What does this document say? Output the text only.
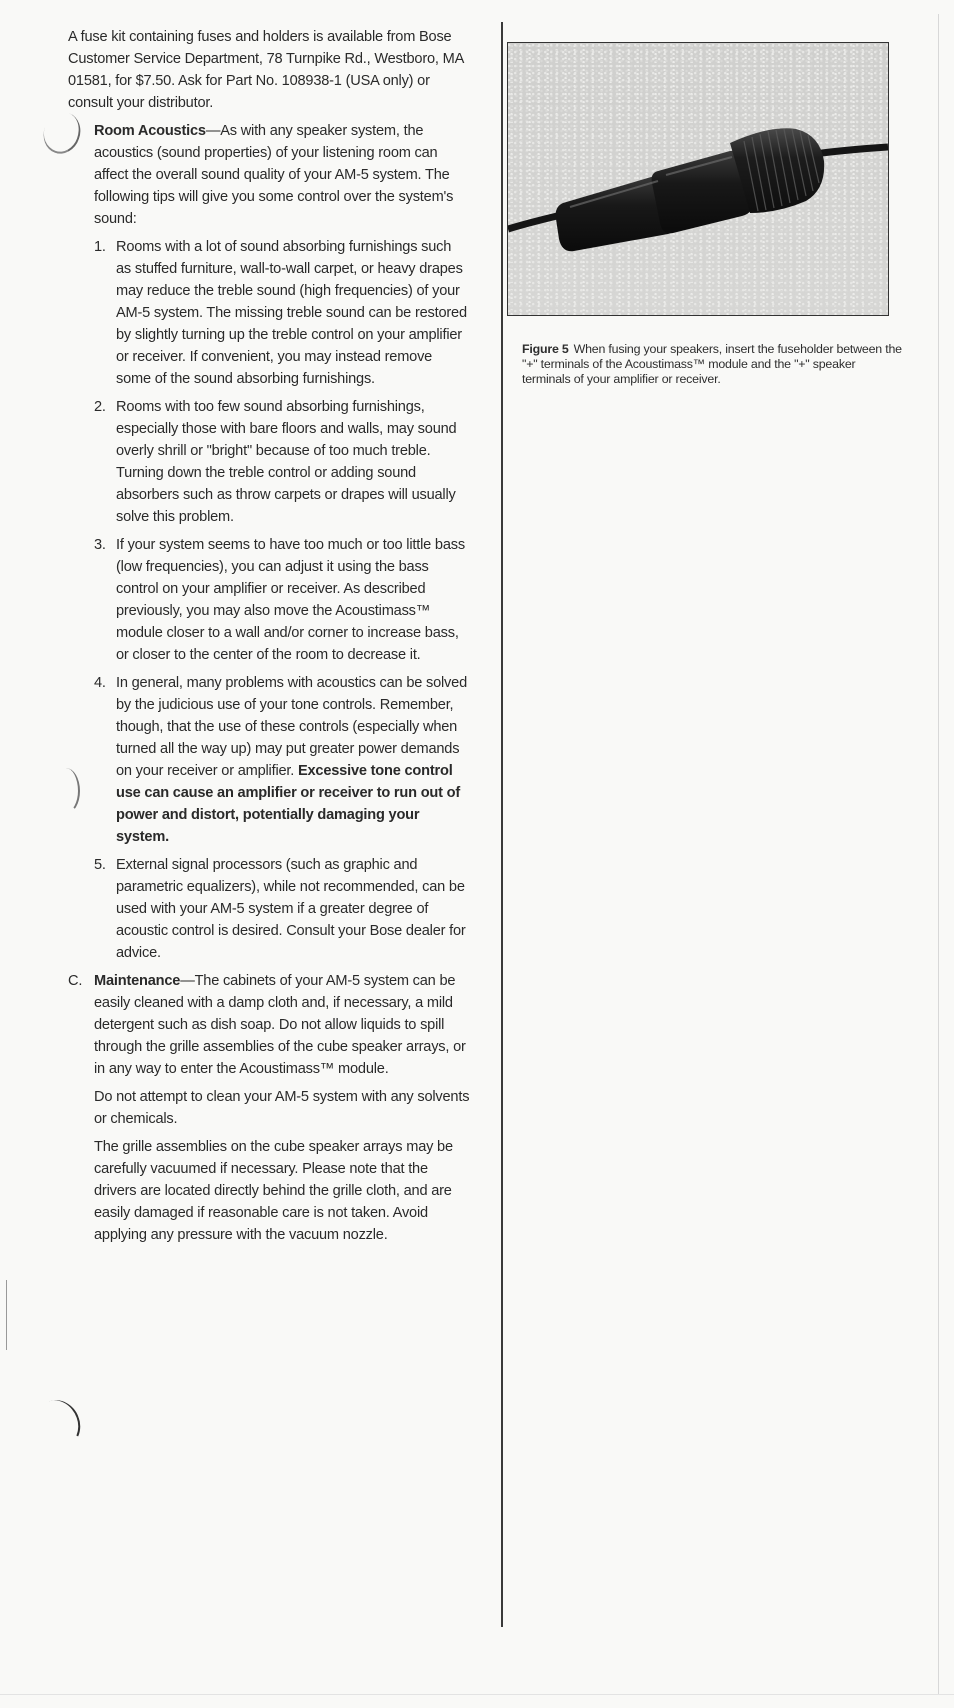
A fuse kit containing fuses and holders is available from Bose Customer Service Department, 78 Turnpike Rd., Westboro, MA 01581, for $7.50. Ask for Part No. 108938-1 (USA only) or consult your distributor.

Room Acoustics—As with any speaker system, the acoustics (sound properties) of your listening room can affect the overall sound quality of your AM-5 system. The following tips will give you some control over the system's sound:

1. Rooms with a lot of sound absorbing furnishings such as stuffed furniture, wall-to-wall carpet, or heavy drapes may reduce the treble sound (high frequencies) of your AM-5 system. The missing treble sound can be restored by slightly turning up the treble control on your amplifier or receiver. If convenient, you may instead remove some of the sound absorbing furnishings.
2. Rooms with too few sound absorbing furnishings, especially those with bare floors and walls, may sound overly shrill or "bright" because of too much treble. Turning down the treble control or adding sound absorbers such as throw carpets or drapes will usually solve this problem.
3. If your system seems to have too much or too little bass (low frequencies), you can adjust it using the bass control on your amplifier or receiver. As described previously, you may also move the Acoustimass™ module closer to a wall and/or corner to increase bass, or closer to the center of the room to decrease it.
4. In general, many problems with acoustics can be solved by the judicious use of your tone controls. Remember, though, that the use of these controls (especially when turned all the way up) may put greater power demands on your receiver or amplifier. Excessive tone control use can cause an amplifier or receiver to run out of power and distort, potentially damaging your system.
5. External signal processors (such as graphic and parametric equalizers), while not recommended, can be used with your AM-5 system if a greater degree of acoustic control is desired. Consult your Bose dealer for advice.
C. Maintenance—The cabinets of your AM-5 system can be easily cleaned with a damp cloth and, if necessary, a mild detergent such as dish soap. Do not allow liquids to spill through the grille assemblies of the cube speaker arrays, or in any way to enter the Acoustimass™ module.

Do not attempt to clean your AM-5 system with any solvents or chemicals.

The grille assemblies on the cube speaker arrays may be carefully vacuumed if necessary. Please note that the drivers are located directly behind the grille cloth, and are easily damaged if reasonable care is not taken. Avoid applying any pressure with the vacuum nozzle.

Figure 5 When fusing your speakers, insert the fuseholder between the "+" terminals of the Acoustimass™ module and the "+" speaker terminals of your amplifier or receiver.
